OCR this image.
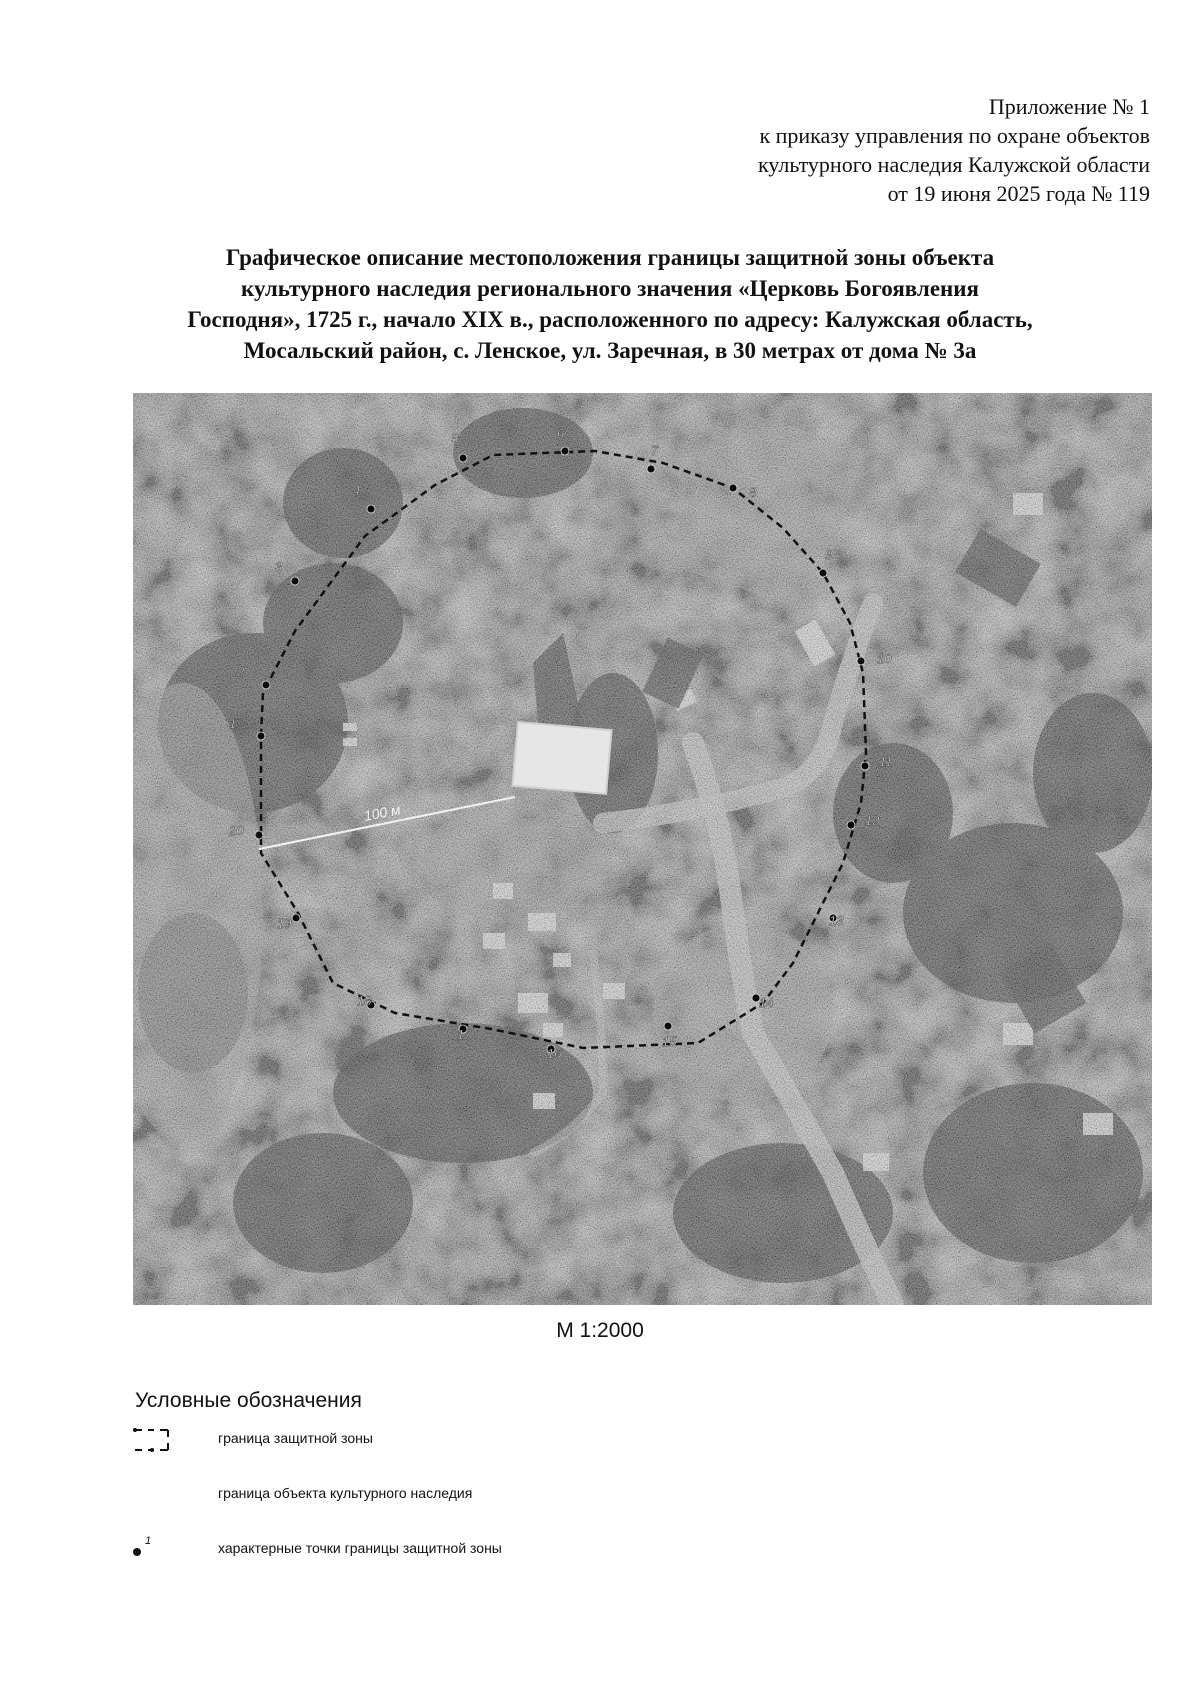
Приложение № 1
к приказу управления по охране объектов
культурного наследия Калужской области
от 19 июня 2025 года № 119
Графическое описание местоположения границы защитной зоны объекта
культурного наследия регионального значения «Церковь Богоявления
Господня», 1725 г., начало XIX в., расположенного по адресу: Калужская область,
Мосальский район, с. Ленское, ул. Заречная, в 30 метрах от дома № 3а
100 м
1
2
3
4
5	6
7
8
9
10
11
12
13
14
15
16
17
18
19
20
М 1:2000
Условные обозначения
граница защитной зоны
граница объекта культурного наследия
1	характерные точки границы защитной зоны
